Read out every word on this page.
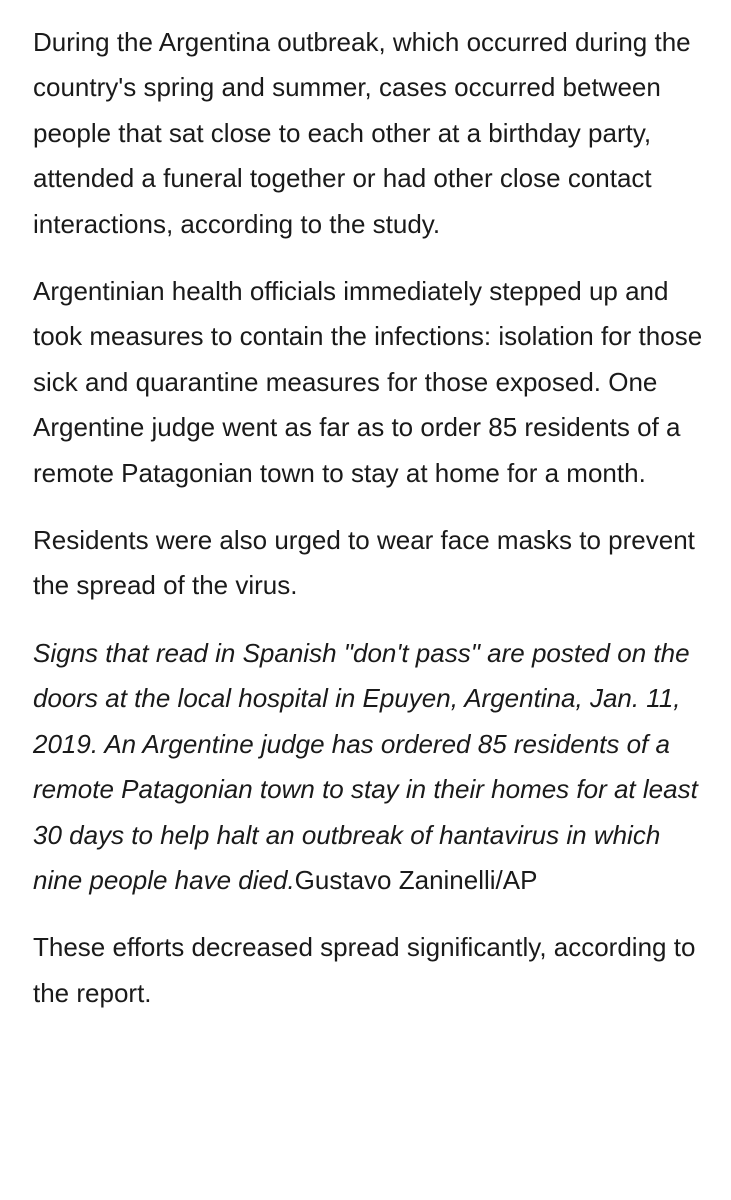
During the Argentina outbreak, which occurred during the country's spring and summer, cases occurred between people that sat close to each other at a birthday party, attended a funeral together or had other close contact interactions, according to the study.

Argentinian health officials immediately stepped up and took measures to contain the infections: isolation for those sick and quarantine measures for those exposed. One Argentine judge went as far as to order 85 residents of a remote Patagonian town to stay at home for a month.

Residents were also urged to wear face masks to prevent the spread of the virus.

Signs that read in Spanish "don't pass" are posted on the doors at the local hospital in Epuyen, Argentina, Jan. 11, 2019. An Argentine judge has ordered 85 residents of a remote Patagonian town to stay in their homes for at least 30 days to help halt an outbreak of hantavirus in which nine people have died.Gustavo Zaninelli/AP

These efforts decreased spread significantly, according to the report.
